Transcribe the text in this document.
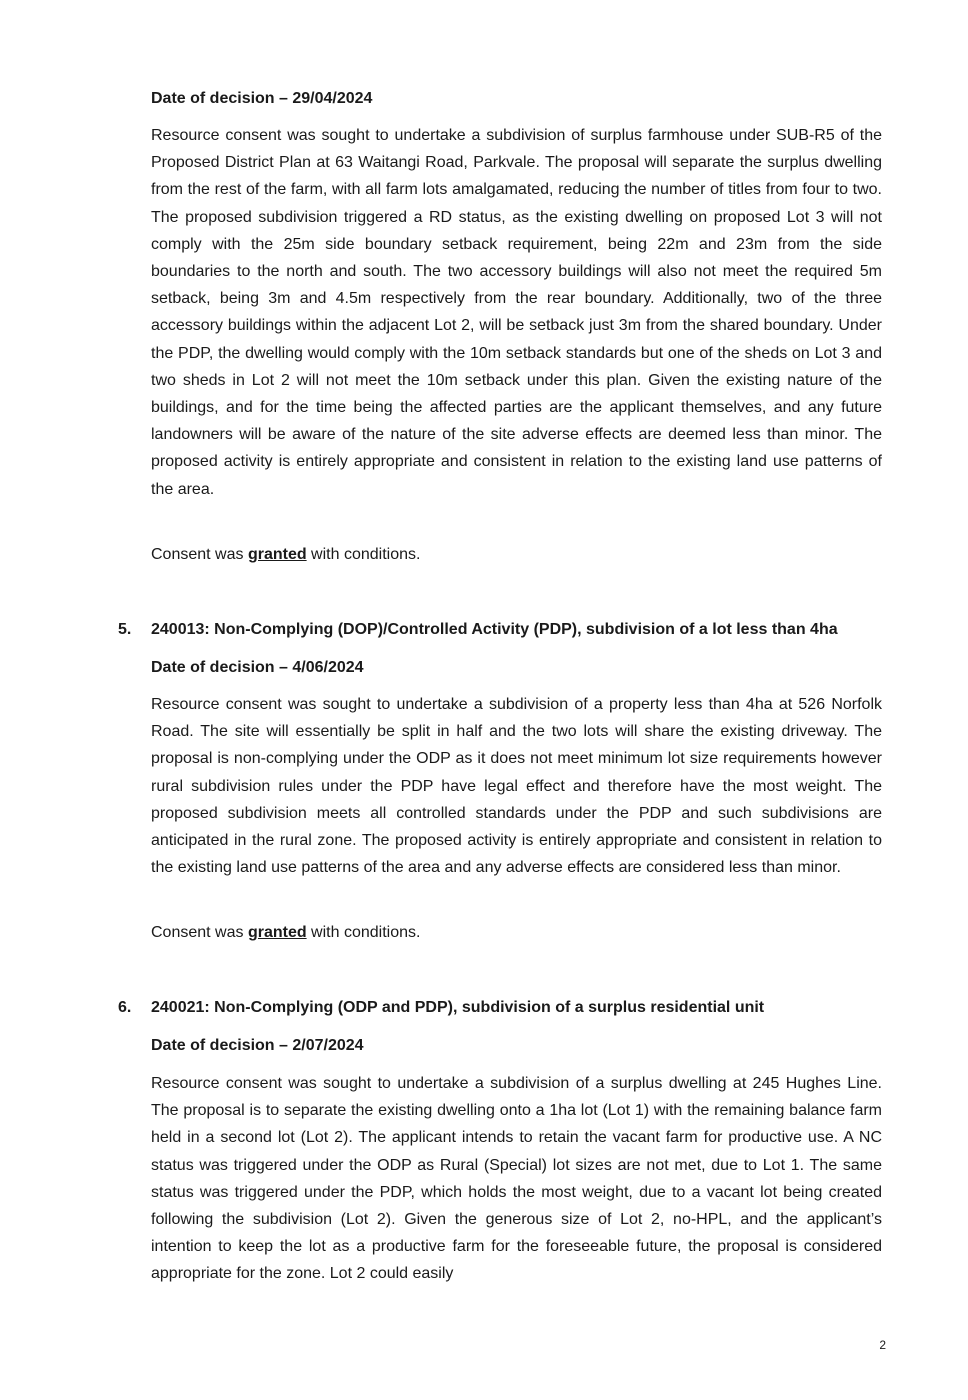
Date of decision – 29/04/2024
Resource consent was sought to undertake a subdivision of surplus farmhouse under SUB-R5 of the Proposed District Plan at 63 Waitangi Road, Parkvale. The proposal will separate the surplus dwelling from the rest of the farm, with all farm lots amalgamated, reducing the number of titles from four to two. The proposed subdivision triggered a RD status, as the existing dwelling on proposed Lot 3 will not comply with the 25m side boundary setback requirement, being 22m and 23m from the side boundaries to the north and south. The two accessory buildings will also not meet the required 5m setback, being 3m and 4.5m respectively from the rear boundary. Additionally, two of the three accessory buildings within the adjacent Lot 2, will be setback just 3m from the shared boundary. Under the PDP, the dwelling would comply with the 10m setback standards but one of the sheds on Lot 3 and two sheds in Lot 2 will not meet the 10m setback under this plan. Given the existing nature of the buildings, and for the time being the affected parties are the applicant themselves, and any future landowners will be aware of the nature of the site adverse effects are deemed less than minor. The proposed activity is entirely appropriate and consistent in relation to the existing land use patterns of the area.
Consent was granted with conditions.
5. 240013: Non-Complying (DOP)/Controlled Activity (PDP), subdivision of a lot less than 4ha
Date of decision – 4/06/2024
Resource consent was sought to undertake a subdivision of a property less than 4ha at 526 Norfolk Road. The site will essentially be split in half and the two lots will share the existing driveway. The proposal is non-complying under the ODP as it does not meet minimum lot size requirements however rural subdivision rules under the PDP have legal effect and therefore have the most weight. The proposed subdivision meets all controlled standards under the PDP and such subdivisions are anticipated in the rural zone. The proposed activity is entirely appropriate and consistent in relation to the existing land use patterns of the area and any adverse effects are considered less than minor.
Consent was granted with conditions.
6. 240021: Non-Complying (ODP and PDP), subdivision of a surplus residential unit
Date of decision – 2/07/2024
Resource consent was sought to undertake a subdivision of a surplus dwelling at 245 Hughes Line. The proposal is to separate the existing dwelling onto a 1ha lot (Lot 1) with the remaining balance farm held in a second lot (Lot 2). The applicant intends to retain the vacant farm for productive use. A NC status was triggered under the ODP as Rural (Special) lot sizes are not met, due to Lot 1. The same status was triggered under the PDP, which holds the most weight, due to a vacant lot being created following the subdivision (Lot 2). Given the generous size of Lot 2, no-HPL, and the applicant’s intention to keep the lot as a productive farm for the foreseeable future, the proposal is considered appropriate for the zone. Lot 2 could easily
2
